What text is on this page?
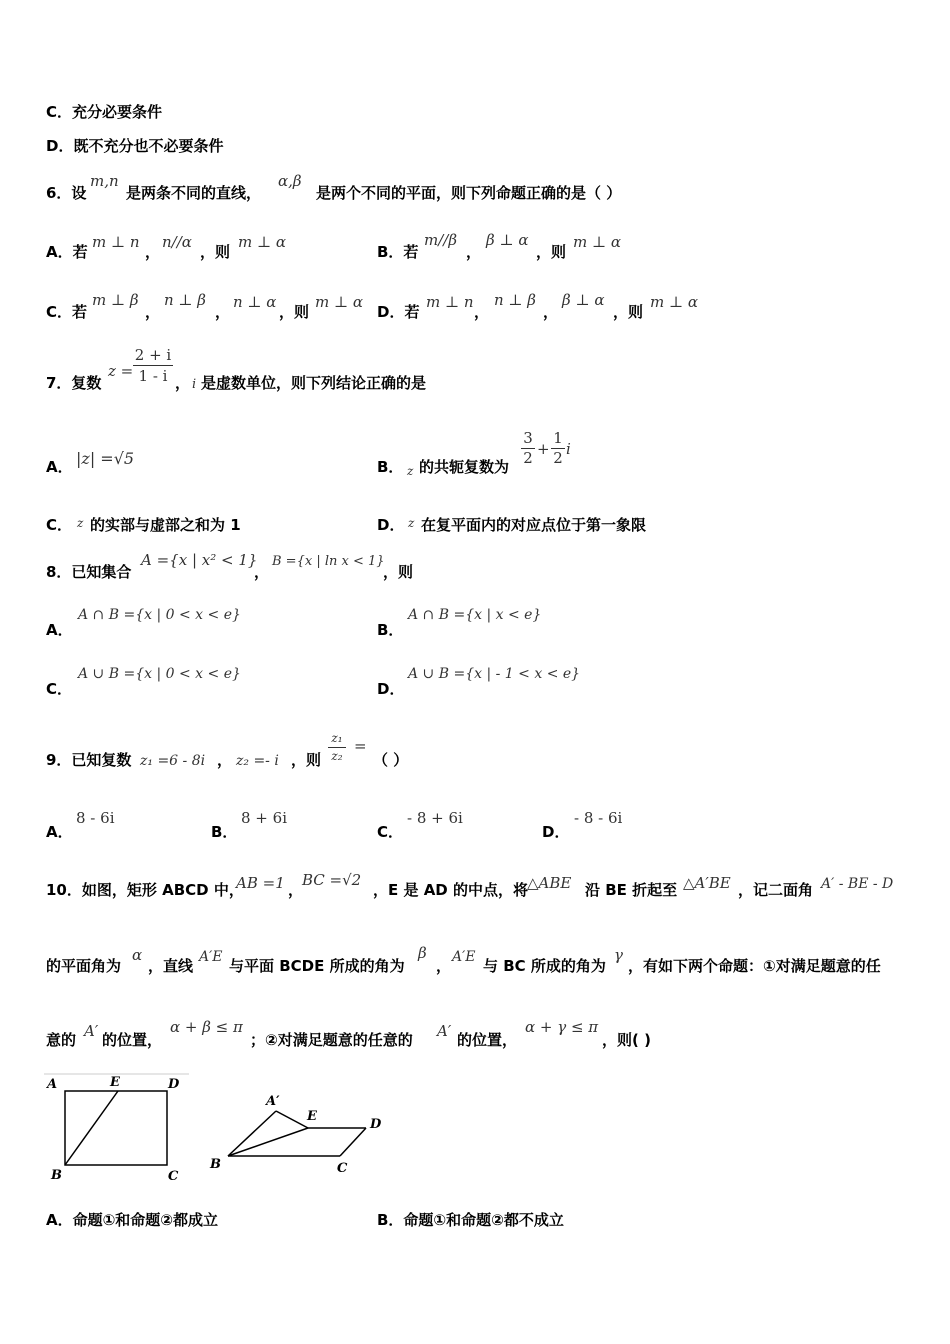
C．充分必要条件
D．既不充分也不必要条件
6．设
m,n
是两条不同的直线，
α,β
是两个不同的平面，则下列命题正确的是（ ）
A．若
m ⊥ n
，
n//α
，则
m ⊥ α
B．若
m//β
，
β ⊥ α
，则
m ⊥ α
C．若
m ⊥ β
，
n ⊥ β
，
n ⊥ α
，则
m ⊥ α
D．若
m ⊥ n
，
n ⊥ β
，
β ⊥ α
，则
m ⊥ α
7．复数
z =
2 + i
1 - i ， i 是虚数单位，则下列结论正确的是
A． |z| =√5	B． z 的共轭复数为
3
2 +
1
2 i
C． z 的实部与虚部之和为 1	D． z 在复平面内的对应点位于第一象限
8．已知集合
A ={x | x² < 1}
，
B ={x | ln x < 1}
，则
A．
A ∩ B ={x | 0 < x < e}
B．
A ∩ B ={x | x < e}
C．
A ∪ B ={x | 0 < x < e}
D．
A ∪ B ={x | - 1 < x < e}
9．已知复数 z₁ =6 - 8i ， z₂ =- i ，则
z₁
z₂
=
（ ）
A．
8 - 6i
B．
8 + 6i
C．
- 8 + 6i
D．
- 8 - 6i
10．如图，矩形 ABCD 中，
AB =1 ，
BC =√2
，E 是 AD 的中点，将 △ABE 沿 BE 折起至 △A′BE ，记二面角 A′ - BE - D
的平面角为
α
，直线 A′E 与平面 BCDE 所成的角为
β
， A′E 与 BC 所成的角为
γ
，有如下两个命题：①对满足题意的任
意的 A′ 的位置，
α + β ≤ π
；②对满足题意的任意的 A′ 的位置，
α + γ ≤ π
，则( )
A	E	D
B	C
A′
E
D
B	C
A．命题①和命题②都成立	B．命题①和命题②都不成立
